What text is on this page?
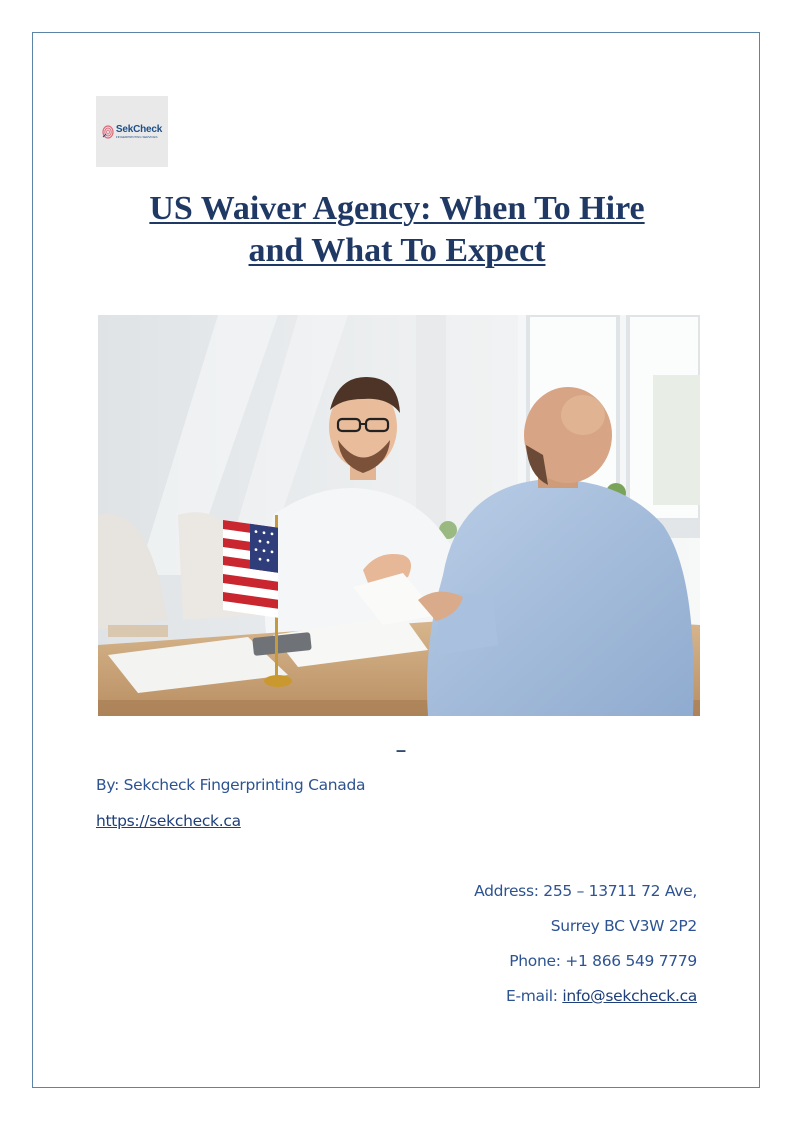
SekCheck
FINGERPRINTING SERVICES
US Waiver Agency: When To Hire
and What To Expect
–
By: Sekcheck Fingerprinting Canada
https://sekcheck.ca
Address: 255 – 13711 72 Ave,
Surrey BC V3W 2P2
Phone: +1 866 549 7779
E-mail: info@sekcheck.ca
